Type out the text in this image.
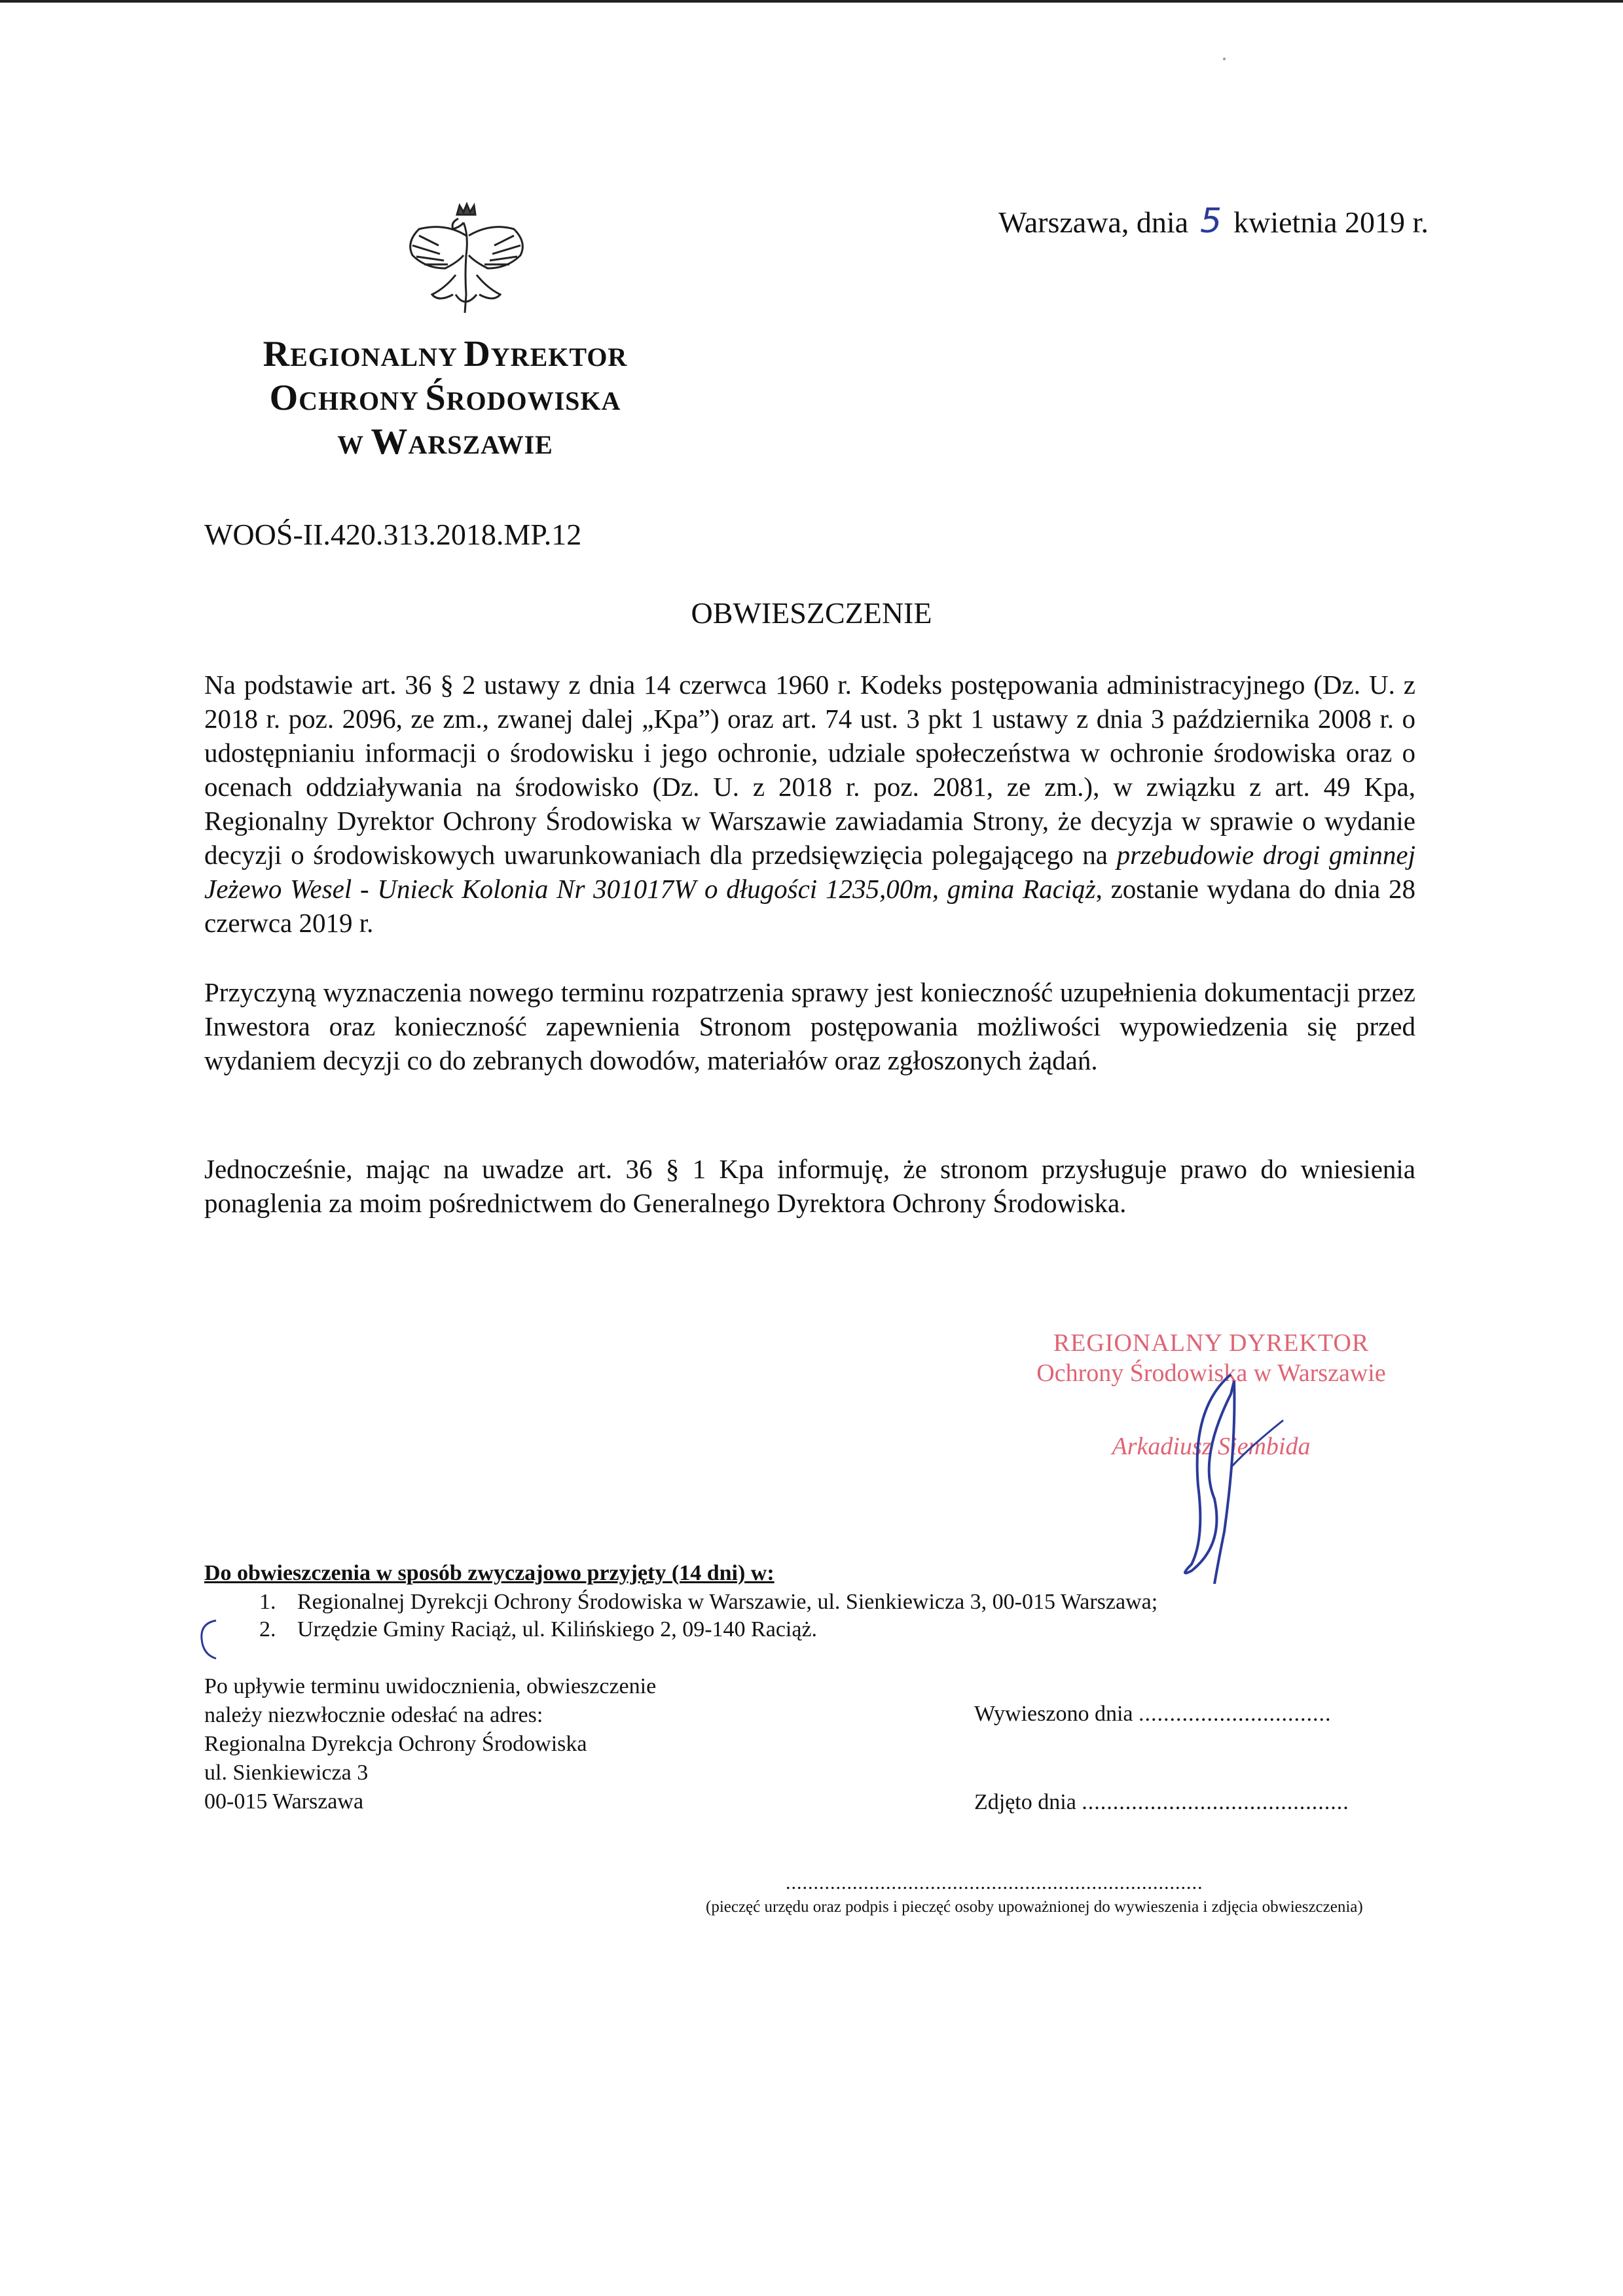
Warszawa, dnia 5 kwietnia 2019 r.
REGIONALNY DYREKTOR
OCHRONY ŚRODOWISKA
W WARSZAWIE
WOOŚ-II.420.313.2018.MP.12
OBWIESZCZENIE
Na podstawie art. 36 § 2 ustawy z dnia 14 czerwca 1960 r. Kodeks postępowania administracyjnego (Dz. U. z 2018 r. poz. 2096, ze zm., zwanej dalej „Kpa”) oraz art. 74 ust. 3 pkt 1 ustawy z dnia 3 października 2008 r. o udostępnianiu informacji o środowisku i jego ochronie, udziale społeczeństwa w ochronie środowiska oraz o ocenach oddziaływania na środowisko (Dz. U. z 2018 r. poz. 2081, ze zm.), w związku z art. 49 Kpa, Regionalny Dyrektor Ochrony Środowiska w Warszawie zawiadamia Strony, że decyzja w sprawie o wydanie decyzji o środowiskowych uwarunkowaniach dla przedsięwzięcia polegającego na przebudowie drogi gminnej Jeżewo Wesel - Unieck Kolonia Nr 301017W o długości 1235,00m, gmina Raciąż, zostanie wydana do dnia 28 czerwca 2019 r.
Przyczyną wyznaczenia nowego terminu rozpatrzenia sprawy jest konieczność uzupełnienia dokumentacji przez Inwestora oraz konieczność zapewnienia Stronom postępowania możliwości wypowiedzenia się przed wydaniem decyzji co do zebranych dowodów, materiałów oraz zgłoszonych żądań.
Jednocześnie, mając na uwadze art. 36 § 1 Kpa informuję, że stronom przysługuje prawo do wniesienia ponaglenia za moim pośrednictwem do Generalnego Dyrektora Ochrony Środowiska.
REGIONALNY DYREKTOR
Ochrony Środowiska w Warszawie
Arkadiusz Siembida
Do obwieszczenia w sposób zwyczajowo przyjęty (14 dni) w:
1. Regionalnej Dyrekcji Ochrony Środowiska w Warszawie, ul. Sienkiewicza 3, 00-015 Warszawa;
2. Urzędzie Gminy Raciąż, ul. Kilińskiego 2, 09-140 Raciąż.
Po upływie terminu uwidocznienia, obwieszczenie
należy niezwłocznie odesłać na adres:
Regionalna Dyrekcja Ochrony Środowiska
ul. Sienkiewicza 3
00-015 Warszawa
Wywieszono dnia ...............................
Zdjęto dnia ...........................................
...........................................................................
(pieczęć urzędu oraz podpis i pieczęć osoby upoważnionej do wywieszenia i zdjęcia obwieszczenia)
